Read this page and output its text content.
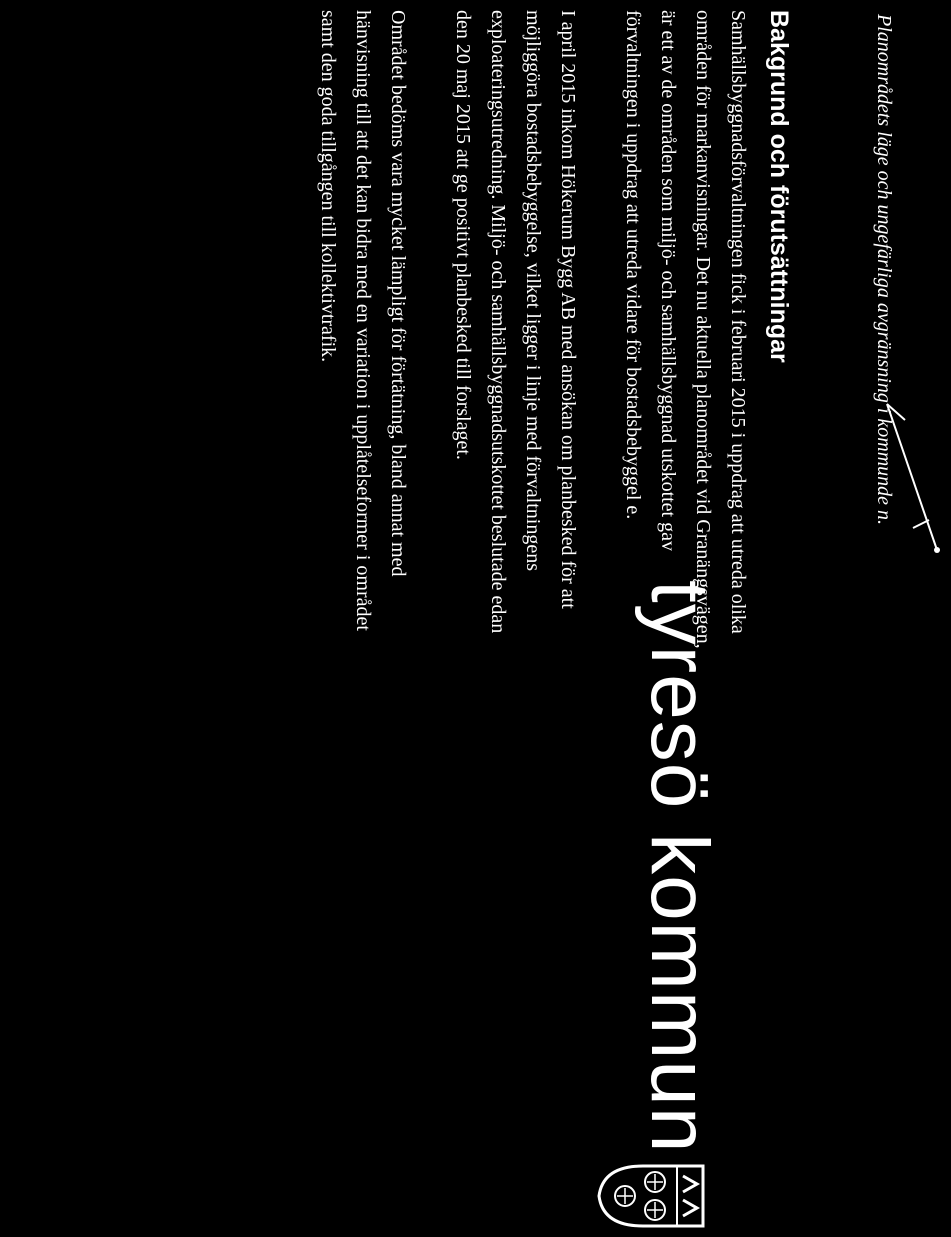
Planområdets läge och ungefärliga avgränsning i kommunde n.
Bakgrund och förutsättningar
Samhällsbyggnadsförvaltningen fick i februari 2015 i uppdrag att utreda olika
områden för markanvisningar. Det nu aktuella planområdet vid Granängsvägen,
är ett av de områden som miljö- och samhällsbyggnad utskottet gav
förvaltningen i uppdrag att utreda vidare för bostadsbebyggel e.
I april 2015 inkom Hökerum Bygg AB med ansökan om planbesked för att
möjliggöra bostadsbebyggelse, vilket ligger i linje med förvaltningens
exploateringsutredning. Miljö- och samhällsbyggnadsutskottet beslutade edan
den 20 maj 2015 att ge positivt planbesked till forslaget.
Området bedöms vara mycket lämpligt för förtätning, bland annat med
hänvisning till att det kan bidra med en variation i upplåtelseformer i området
samt den goda tillgången till kollektivtrafik.
tyresö kommun
